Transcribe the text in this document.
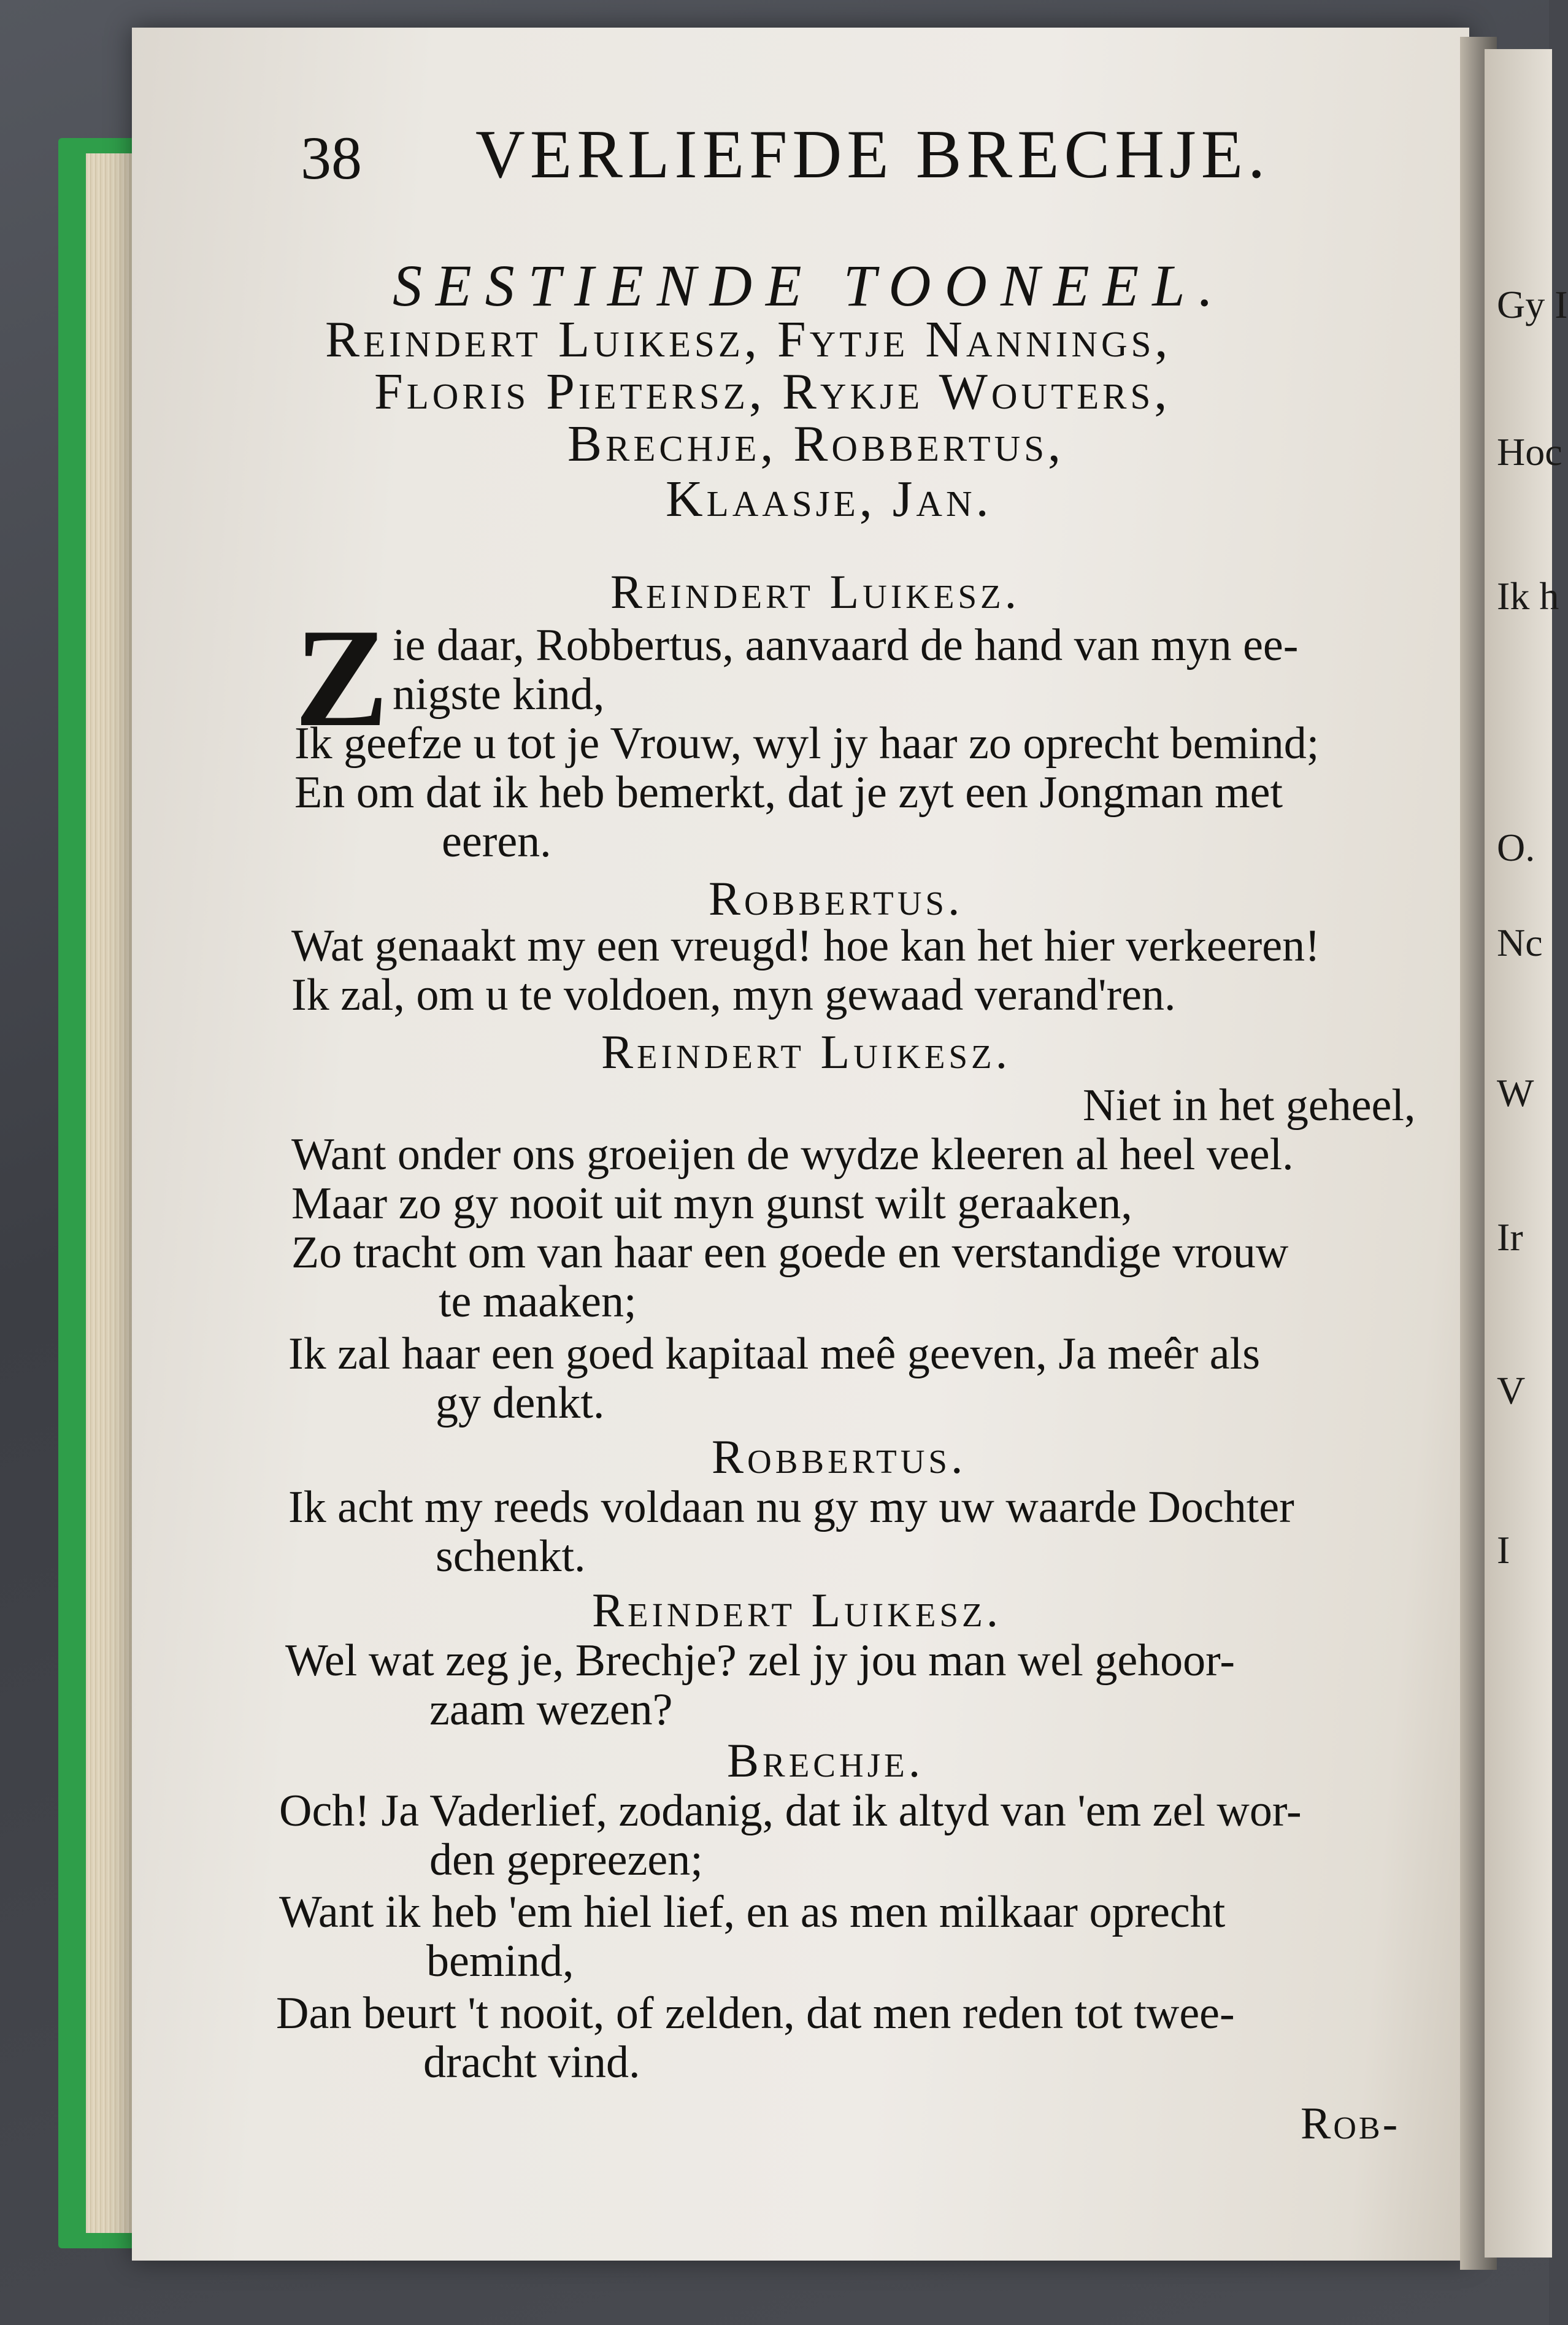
Gy I
Hoc
Ik h
O.
Nc
W
Ir
V
I
38 VERLIEFDE BRECHJE.
SESTIENDE TOONEEL.
Reindert Luikesz, Fytje Nannings,
Floris Pietersz, Rykje Wouters,
Brechje, Robbertus,
Klaasje, Jan.
Reindert Luikesz.
Z ie daar, Robbertus, aanvaard de hand van myn ee-
nigste kind,
Ik geefze u tot je Vrouw, wyl jy haar zo oprecht bemind;
En om dat ik heb bemerkt, dat je zyt een Jongman met
eeren.
Robbertus.
Wat genaakt my een vreugd! hoe kan het hier verkeeren!
Ik zal, om u te voldoen, myn gewaad verand'ren.
Reindert Luikesz.
Niet in het geheel,
Want onder ons groeijen de wydze kleeren al heel veel.
Maar zo gy nooit uit myn gunst wilt geraaken,
Zo tracht om van haar een goede en verstandige vrouw
te maaken;
Ik zal haar een goed kapitaal meê geeven, Ja meêr als
gy denkt.
Robbertus.
Ik acht my reeds voldaan nu gy my uw waarde Dochter
schenkt.
Reindert Luikesz.
Wel wat zeg je, Brechje? zel jy jou man wel gehoor-
zaam wezen?
Brechje.
Och! Ja Vaderlief, zodanig, dat ik altyd van 'em zel wor-
den gepreezen;
Want ik heb 'em hiel lief, en as men milkaar oprecht
bemind,
Dan beurt 't nooit, of zelden, dat men reden tot twee-
dracht vind.
Rob-
